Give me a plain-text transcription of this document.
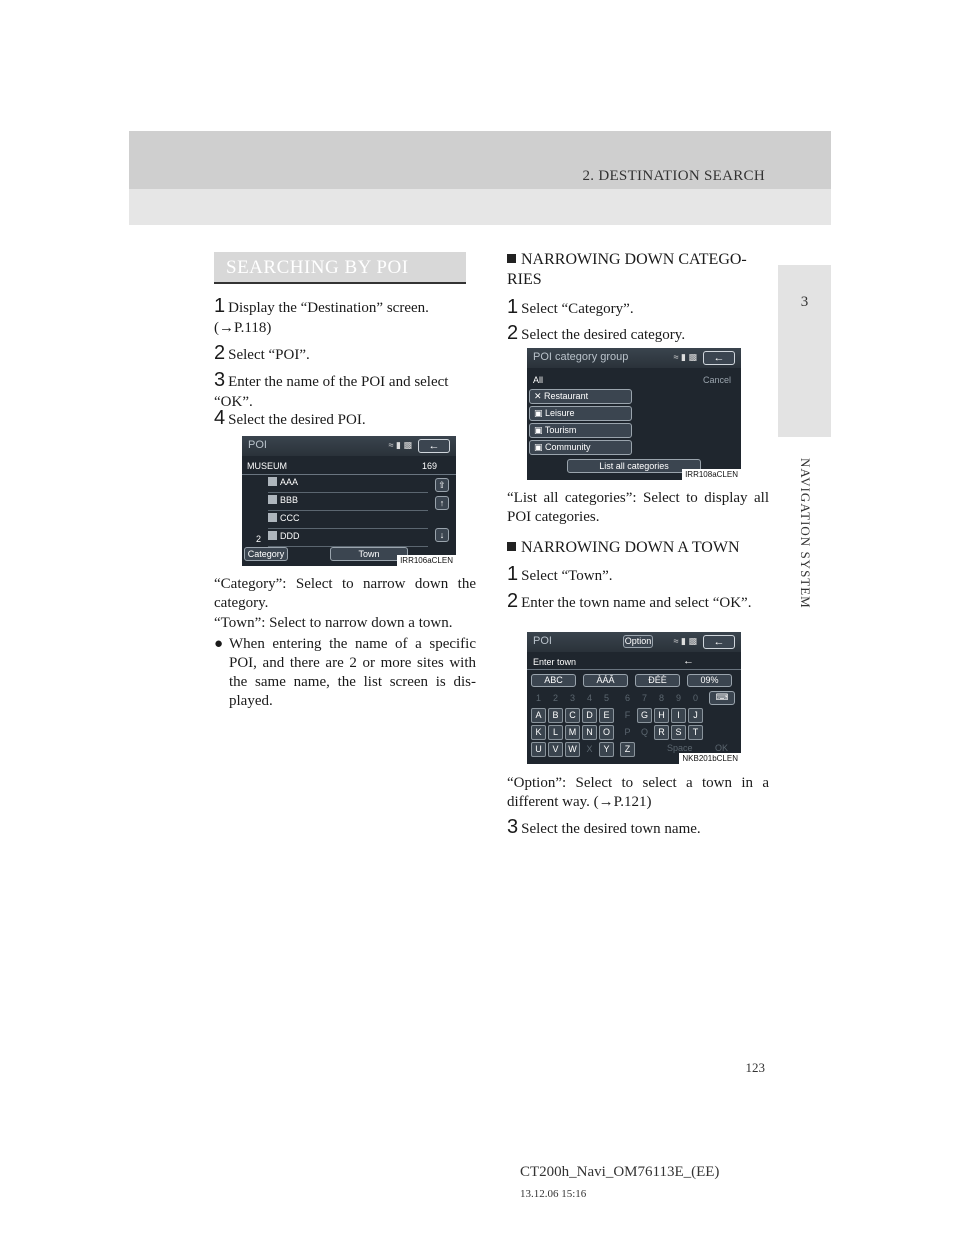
2. DESTINATION SEARCH
3
NAVIGATION SYSTEM
SEARCHING BY POI
1 Display the “Destination” screen. (→P.118)
2 Select “POI”.
3 Enter the name of the POI and select “OK”.
4 Select the desired POI.
POI	≈ ▮ ▩	←
MUSEUM	169
AAA
BBB
CCC
DDD
2
⇧
↑
↓
Category	Town
IRR106aCLEN
“Category”: Select to narrow down the category.
“Town”: Select to narrow down a town.
● When entering the name of a specific POI, and there are 2 or more sites with the same name, the list screen is dis-played.
NARROWING DOWN CATEGO-RIES
1 Select “Category”.
2 Select the desired category.
POI category group	≈ ▮ ▩	←
All	Cancel
✕ Restaurant
▣ Leisure
▣ Tourism
▣ Community
List all categories
IRR108aCLEN
“List all categories”: Select to display all POI categories.
NARROWING DOWN A TOWN
1 Select “Town”.
2 Enter the town name and select “OK”.
POI	Option ≈ ▮ ▩	←
Enter town	←
ABC	ÀÁÂ	ÐÉÈ	09%
1	2	3	4	5	6	7	8	9	0	⌨
A	B	C	D	E	F	G	H	I	J
K	L	M	N	O	P	Q	R	S	T
U	V	W	X	Y	Z	Space OK
NKB201bCLEN
“Option”: Select to select a town in a different way. (→P.121)
3 Select the desired town name.
123
CT200h_Navi_OM76113E_(EE)
13.12.06 15:16
